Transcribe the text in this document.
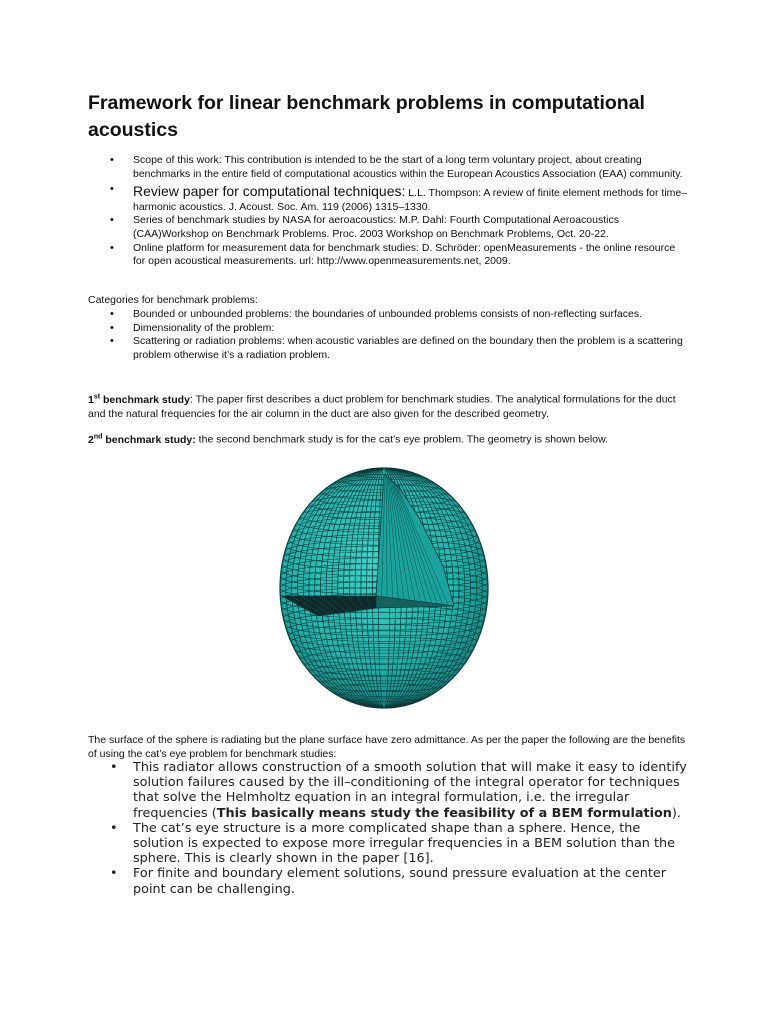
Framework for linear benchmark problems in computational acoustics
• Scope of this work: This contribution is intended to be the start of a long term voluntary project, about creating benchmarks in the entire field of computational acoustics within the European Acoustics Association (EAA) community.
• Review paper for computational techniques: L.L. Thompson: A review of finite element methods for time–harmonic acoustics. J. Acoust. Soc. Am. 119 (2006) 1315–1330.
• Series of benchmark studies by NASA for aeroacoustics: M.P. Dahl: Fourth Computational Aeroacoustics (CAA)Workshop on Benchmark Problems. Proc. 2003 Workshop on Benchmark Problems, Oct. 20-22.
• Online platform for measurement data for benchmark studies: D. Schröder: openMeasurements - the online resource for open acoustical measurements. url: http://www.openmeasurements.net, 2009.
Categories for benchmark problems:
• Bounded or unbounded problems: the boundaries of unbounded problems consists of non-reflecting surfaces.
• Dimensionality of the problem:
• Scattering or radiation problems: when acoustic variables are defined on the boundary then the problem is a scattering problem otherwise it’s a radiation problem.

1st benchmark study: The paper first describes a duct problem for benchmark studies. The analytical formulations for the duct and the natural frequencies for the air column in the duct are also given for the described geometry.

2nd benchmark study: the second benchmark study is for the cat’s eye problem. The geometry is shown below.

The surface of the sphere is radiating but the plane surface have zero admittance. As per the paper the following are the benefits of using the cat’s eye problem for benchmark studies:

• This radiator allows construction of a smooth solution that will make it easy to identify solution failures caused by the ill–conditioning of the integral operator for techniques that solve the Helmholtz equation in an integral formulation, i.e. the irregular frequencies (This basically means study the feasibility of a BEM formulation).
• The cat’s eye structure is a more complicated shape than a sphere. Hence, the solution is expected to expose more irregular frequencies in a BEM solution than the sphere. This is clearly shown in the paper [16].
• For finite and boundary element solutions, sound pressure evaluation at the center point can be challenging.
